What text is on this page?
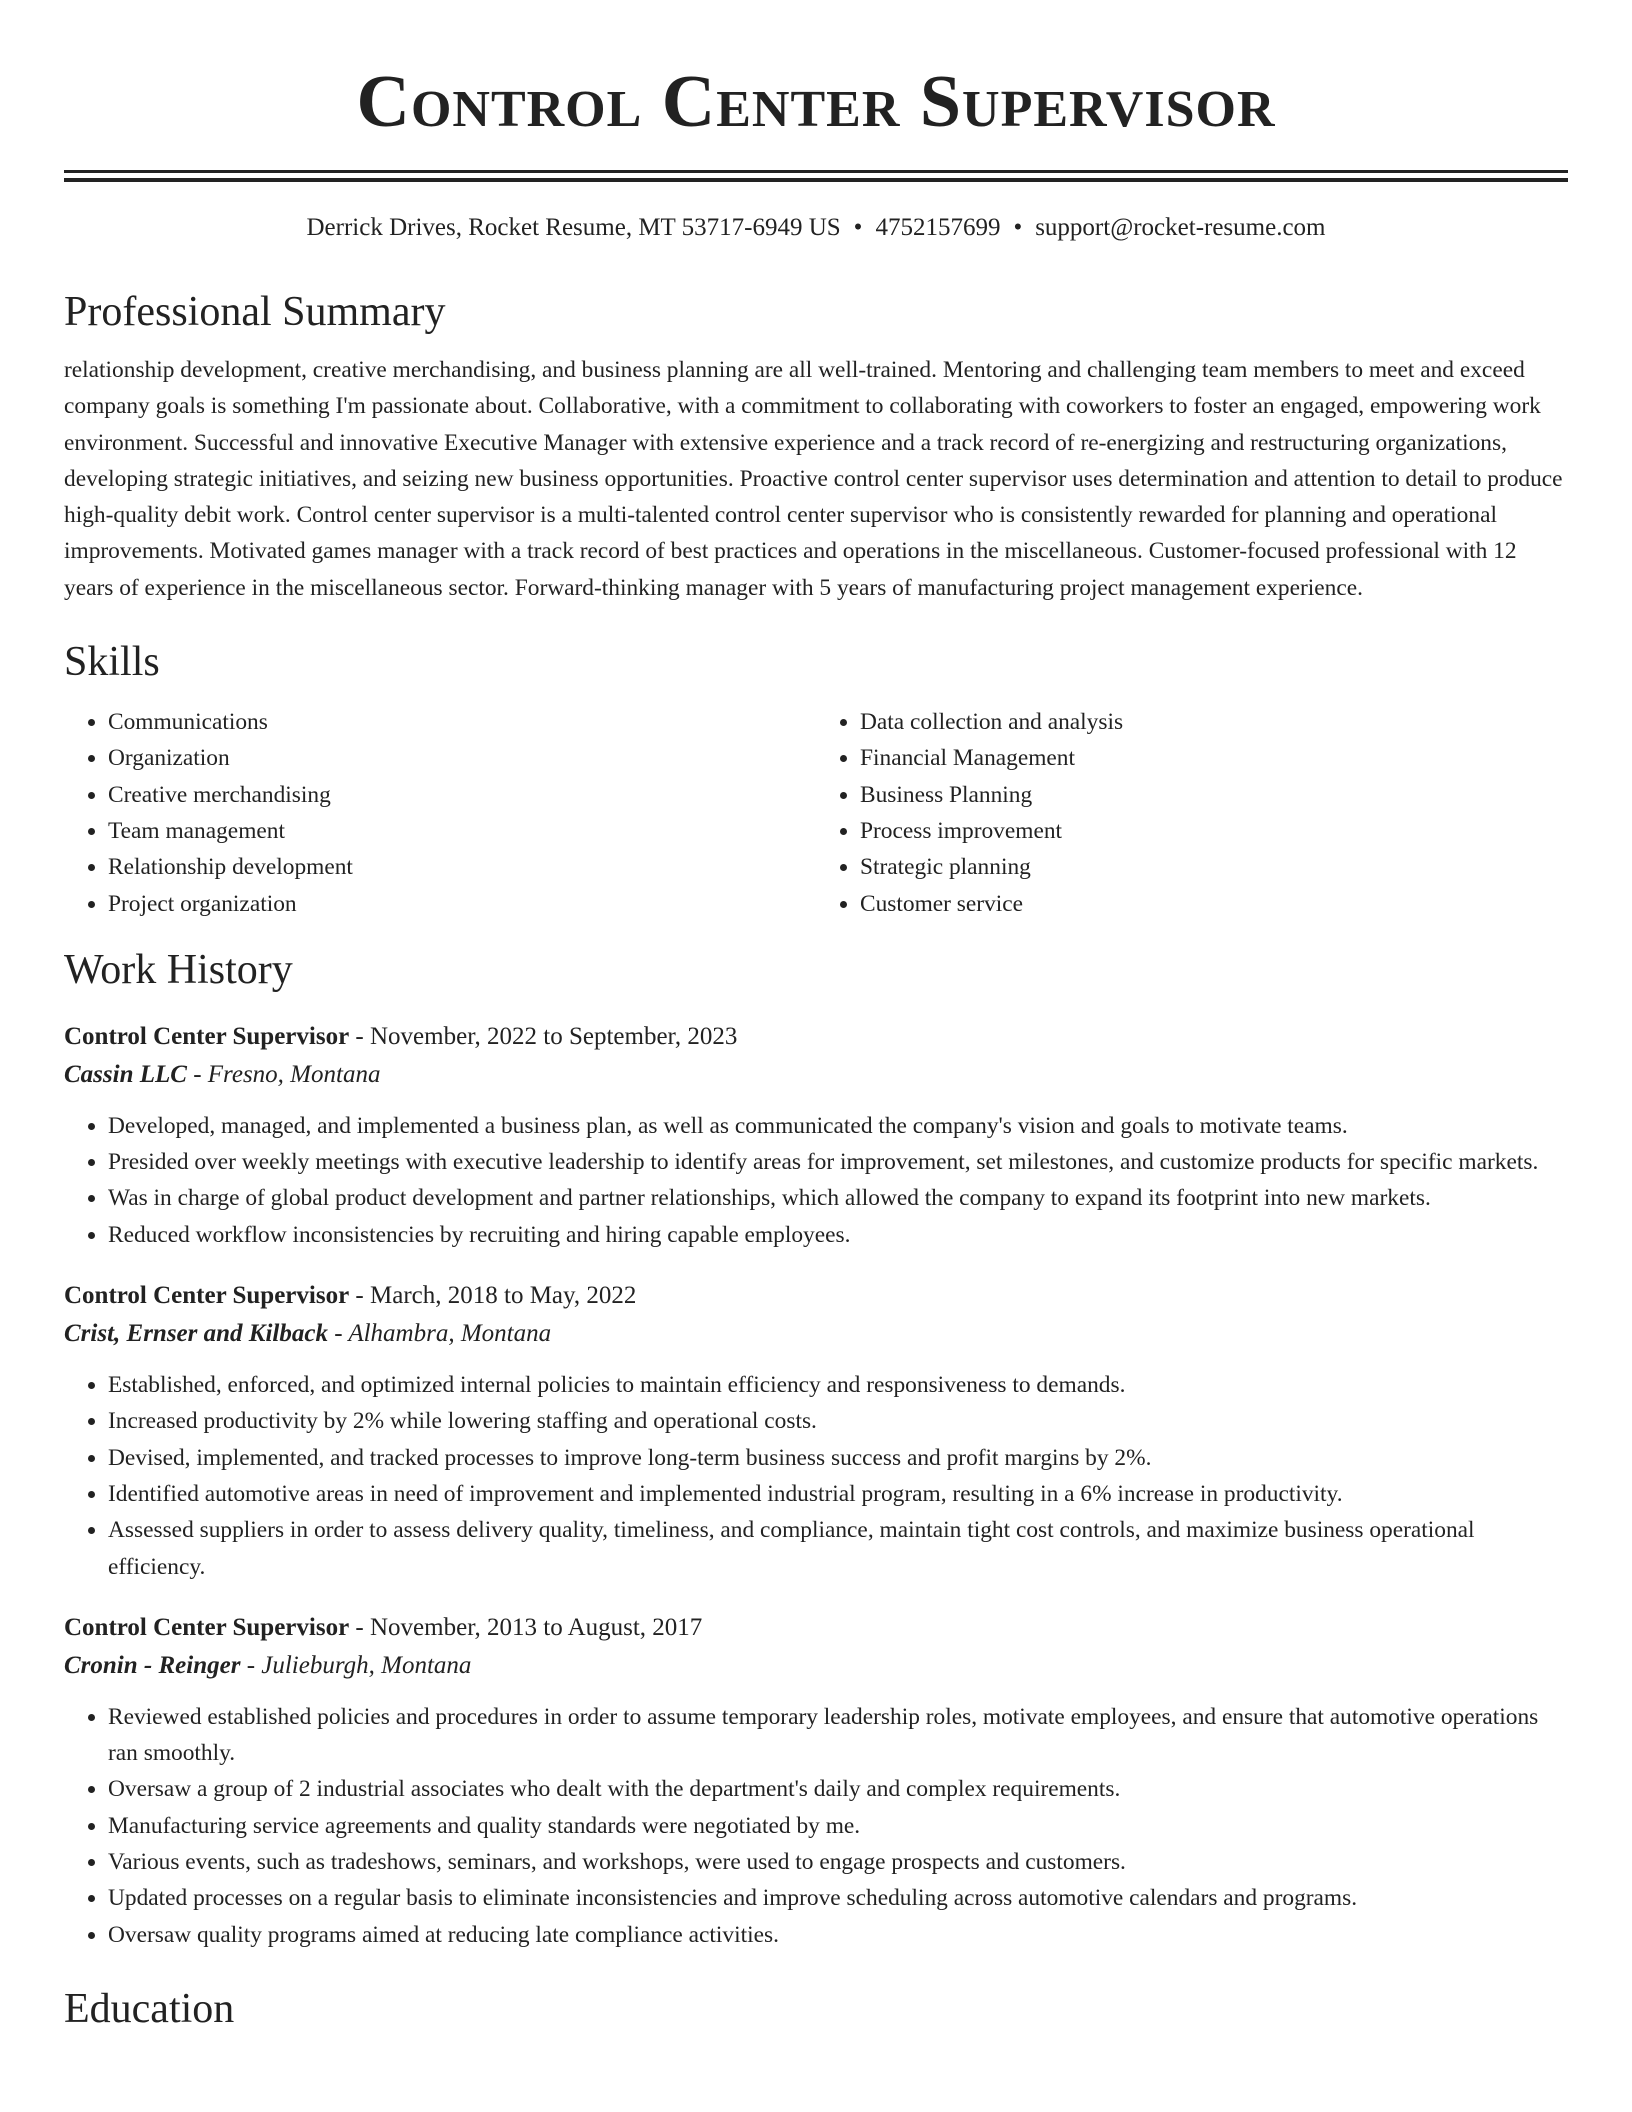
Control Center Supervisor
Derrick Drives, Rocket Resume, MT 53717-6949 US • 4752157699 • support@rocket-resume.com
Professional Summary

relationship development, creative merchandising, and business planning are all well-trained. Mentoring and challenging team members to meet and exceed company goals is something I'm passionate about. Collaborative, with a commitment to collaborating with coworkers to foster an engaged, empowering work environment. Successful and innovative Executive Manager with extensive experience and a track record of re-energizing and restructuring organizations, developing strategic initiatives, and seizing new business opportunities. Proactive control center supervisor uses determination and attention to detail to produce high-quality debit work. Control center supervisor is a multi-talented control center supervisor who is consistently rewarded for planning and operational improvements. Motivated games manager with a track record of best practices and operations in the miscellaneous. Customer-focused professional with 12 years of experience in the miscellaneous sector. Forward-thinking manager with 5 years of manufacturing project management experience.

Skills
• Communications
• Organization
• Creative merchandising
• Team management
• Relationship development
• Project organization
• Data collection and analysis
• Financial Management
• Business Planning
• Process improvement
• Strategic planning
• Customer service
Work History
Control Center Supervisor - November, 2022 to September, 2023
Cassin LLC - Fresno, Montana
• Developed, managed, and implemented a business plan, as well as communicated the company's vision and goals to motivate teams.
• Presided over weekly meetings with executive leadership to identify areas for improvement, set milestones, and customize products for specific markets.
• Was in charge of global product development and partner relationships, which allowed the company to expand its footprint into new markets.
• Reduced workflow inconsistencies by recruiting and hiring capable employees.
Control Center Supervisor - March, 2018 to May, 2022
Crist, Ernser and Kilback - Alhambra, Montana
• Established, enforced, and optimized internal policies to maintain efficiency and responsiveness to demands.
• Increased productivity by 2% while lowering staffing and operational costs.
• Devised, implemented, and tracked processes to improve long-term business success and profit margins by 2%.
• Identified automotive areas in need of improvement and implemented industrial program, resulting in a 6% increase in productivity.
• Assessed suppliers in order to assess delivery quality, timeliness, and compliance, maintain tight cost controls, and maximize business operational efficiency.
Control Center Supervisor - November, 2013 to August, 2017
Cronin - Reinger - Julieburgh, Montana
• Reviewed established policies and procedures in order to assume temporary leadership roles, motivate employees, and ensure that automotive operations ran smoothly.
• Oversaw a group of 2 industrial associates who dealt with the department's daily and complex requirements.
• Manufacturing service agreements and quality standards were negotiated by me.
• Various events, such as tradeshows, seminars, and workshops, were used to engage prospects and customers.
• Updated processes on a regular basis to eliminate inconsistencies and improve scheduling across automotive calendars and programs.
• Oversaw quality programs aimed at reducing late compliance activities.
Education
